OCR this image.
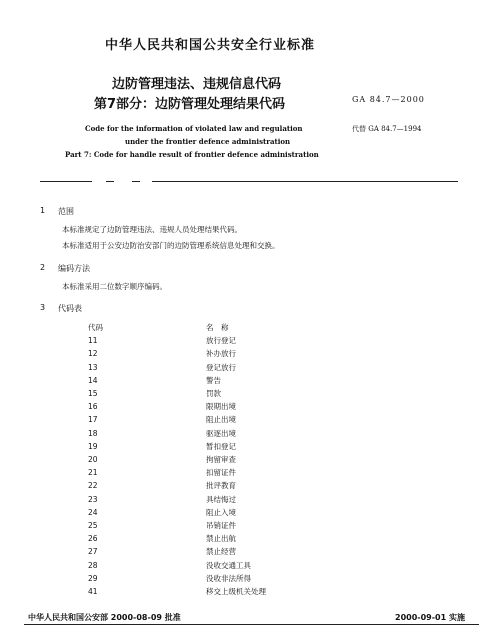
中华人民共和国公共安全行业标准
边防管理违法、违规信息代码
第7部分：边防管理处理结果代码	GA 84.7—2000
Code for the information of violated law and regulation
under the frontier defence administration
Part 7: Code for handle result of frontier defence administration
代替 GA 84.7—1994
1 范围
本标准规定了边防管理违法、违规人员处理结果代码。
本标准适用于公安边防治安部门的边防管理系统信息处理和交换。
2 编码方法
本标准采用二位数字顺序编码。
3 代码表
代码	名　称
11	放行登记
12	补办放行
13	登记放行
14	警告
15	罚款
16	限期出境
17	阻止出境
18	驱逐出境
19	暂扣登记
20	拘留审查
21	扣留证件
22	批评教育
23	具结悔过
24	阻止入境
25	吊销证件
26	禁止出航
27	禁止经营
28	没收交通工具
29	没收非法所得
41	移交上级机关处理
中华人民共和国公安部 2000-08-09 批准	2000-09-01 实施
